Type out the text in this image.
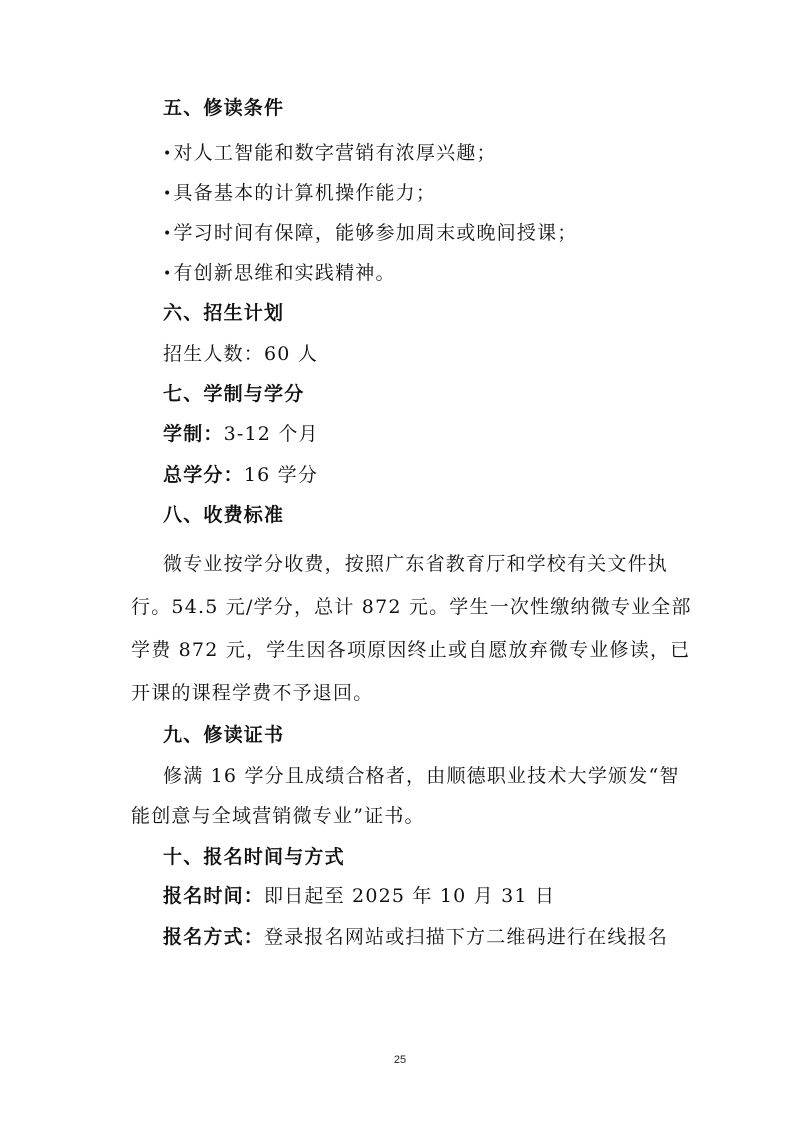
五、修读条件
•对人工智能和数字营销有浓厚兴趣；
•具备基本的计算机操作能力；
•学习时间有保障，能够参加周末或晚间授课；
•有创新思维和实践精神。
六、招生计划
招生人数：60 人
七、学制与学分
学制：3-12 个月
总学分：16 学分
八、收费标准
微专业按学分收费，按照广东省教育厅和学校有关文件执
行。54.5 元/学分，总计 872 元。学生一次性缴纳微专业全部
学费 872 元，学生因各项原因终止或自愿放弃微专业修读，已
开课的课程学费不予退回。
九、修读证书
修满 16 学分且成绩合格者，由顺德职业技术大学颁发“智
能创意与全域营销微专业”证书。
十、报名时间与方式
报名时间：即日起至 2025 年 10 月 31 日
报名方式：登录报名网站或扫描下方二维码进行在线报名
25
